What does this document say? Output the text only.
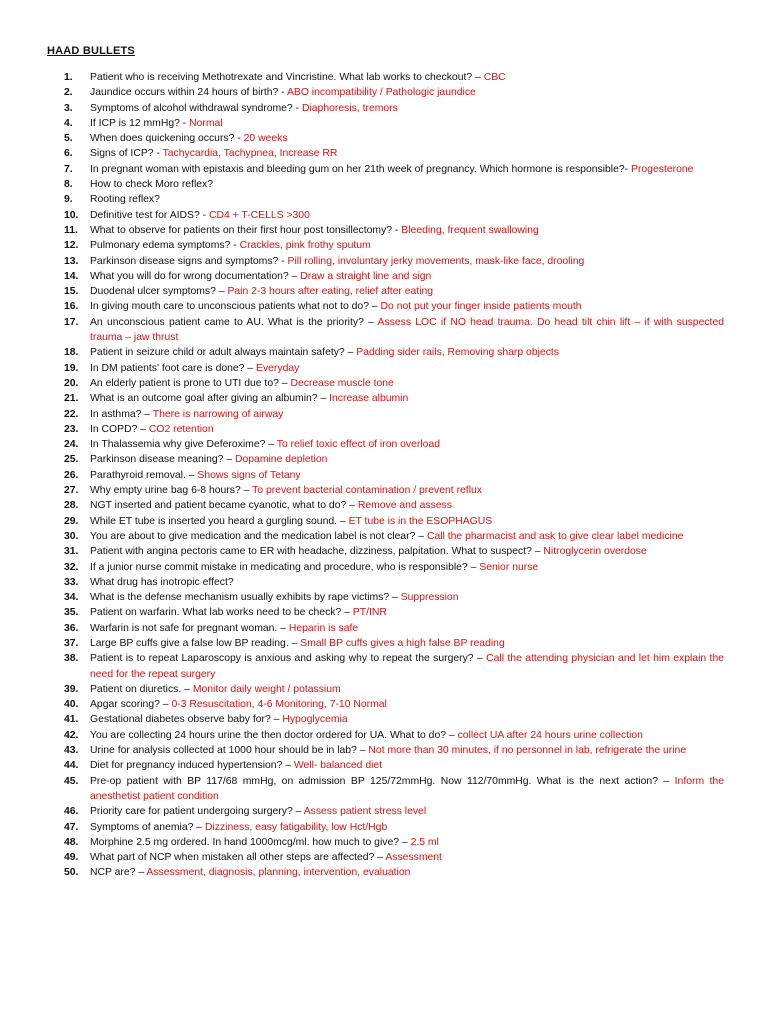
HAAD BULLETS
1.	Patient who is receiving Methotrexate and Vincristine. What lab works to checkout? – CBC
2.	Jaundice occurs within 24 hours of birth? - ABO incompatibility / Pathologic jaundice
3.	Symptoms of alcohol withdrawal syndrome? - Diaphoresis, tremors
4.	If ICP is 12 mmHg? - Normal
5.	When does quickening occurs? - 20 weeks
6.	Signs of ICP? - Tachycardia, Tachypnea, Increase RR
7.	In pregnant woman with epistaxis and bleeding gum on her 21th week of pregnancy. Which hormone is responsible?- Progesterone
8.	How to check Moro reflex?
9.	Rooting reflex?
10.	Definitive test for AIDS? - CD4 + T-CELLS >300
11.	What to observe for patients on their first hour post tonsillectomy? - Bleeding, frequent swallowing
12.	Pulmonary edema symptoms? - Crackles, pink frothy sputum
13.	Parkinson disease signs and symptoms? - Pill rolling, involuntary jerky movements, mask-like face, drooling
14.	What you will do for wrong documentation? – Draw a straight line and sign
15.	Duodenal ulcer symptoms? – Pain 2-3 hours after eating, relief after eating
16.	In giving mouth care to unconscious patients what not to do? – Do not put your finger inside patients mouth
17.	An unconscious patient came to AU. What is the priority? – Assess LOC if NO head trauma. Do head tilt chin lift – if with suspected trauma – jaw thrust
18.	Patient in seizure child or adult always maintain safety? – Padding sider rails, Removing sharp objects
19.	In DM patients' foot care is done? – Everyday
20.	An elderly patient is prone to UTI due to? – Decrease muscle tone
21.	What is an outcome goal after giving an albumin? – Increase albumin
22.	In asthma? – There is narrowing of airway
23.	In COPD? – CO2 retention
24.	In Thalassemia why give Deferoxime? – To relief toxic effect of iron overload
25.	Parkinson disease meaning? – Dopamine depletion
26.	Parathyroid removal. – Shows signs of Tetany
27.	Why empty urine bag 6-8 hours? – To prevent bacterial contamination / prevent reflux
28.	NGT inserted and patient became cyanotic, what to do? – Remove and assess
29.	While ET tube is inserted you heard a gurgling sound. – ET tube is in the ESOPHAGUS
30.	You are about to give medication and the medication label is not clear? – Call the pharmacist and ask to give clear label medicine
31.	Patient with angina pectoris came to ER with headache, dizziness, palpitation. What to suspect? – Nitroglycerin overdose
32.	If a junior nurse commit mistake in medicating and procedure, who is responsible? – Senior nurse
33.	What drug has inotropic effect?
34.	What is the defense mechanism usually exhibits by rape victims? – Suppression
35.	Patient on warfarin. What lab works need to be check? – PT/INR
36.	Warfarin is not safe for pregnant woman. – Heparin is safe
37.	Large BP cuffs give a false low BP reading. – Small BP cuffs gives a high false BP reading
38.	Patient is to repeat Laparoscopy is anxious and asking why to repeat the surgery? – Call the attending physician and let him explain the need for the repeat surgery
39.	Patient on diuretics. – Monitor daily weight / potassium
40.	Apgar scoring? – 0-3 Resuscitation, 4-6 Monitoring, 7-10 Normal
41.	Gestational diabetes observe baby for? – Hypoglycemia
42.	You are collecting 24 hours urine the then doctor ordered for UA. What to do? – collect UA after 24 hours urine collection
43.	Urine for analysis collected at 1000 hour should be in lab? – Not more than 30 minutes, if no personnel in lab, refrigerate the urine
44.	Diet for pregnancy induced hypertension? – Well- balanced diet
45.	Pre-op patient with BP 117/68 mmHg, on admission BP 125/72mmHg. Now 112/70mmHg. What is the next action? – Inform the anesthetist patient condition
46.	Priority care for patient undergoing surgery? – Assess patient stress level
47.	Symptoms of anemia? – Dizziness, easy fatigability, low Hct/Hgb
48.	Morphine 2.5 mg ordered. In hand 1000mcg/ml. how much to give? – 2.5 ml
49.	What part of NCP when mistaken all other steps are affected? – Assessment
50.	NCP are? – Assessment, diagnosis, planning, intervention, evaluation
